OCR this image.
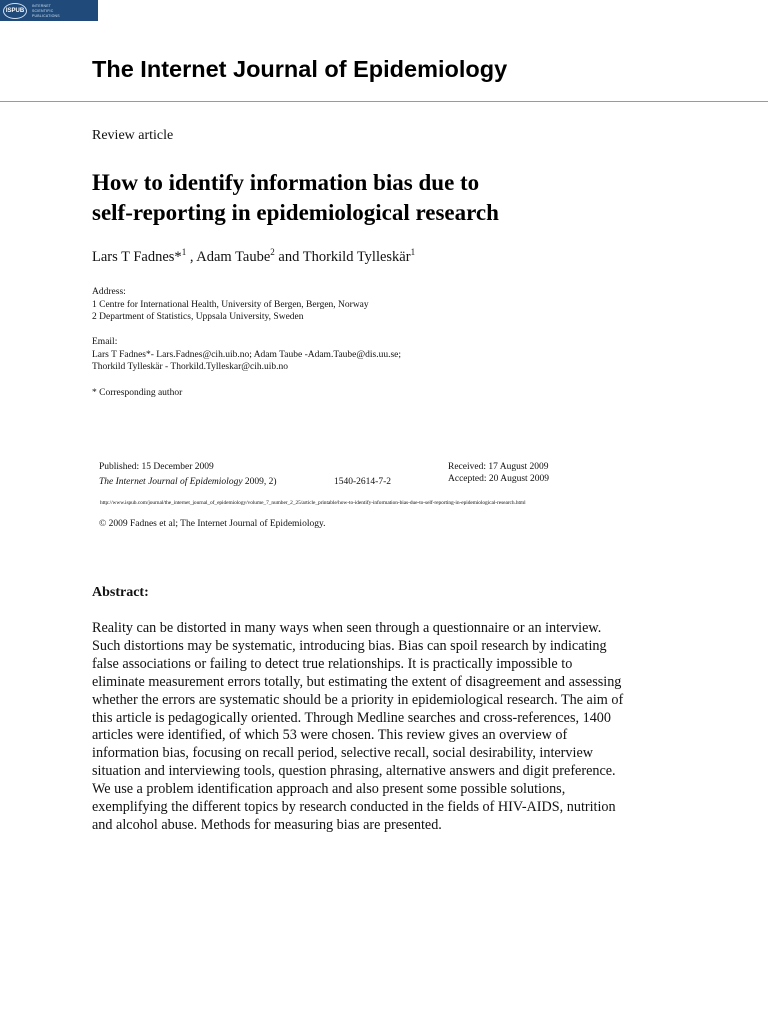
ISPUB
INTERNET
SCIENTIFIC
PUBLICATIONS
The Internet Journal of Epidemiology
Review article
How to identify information bias due to
self-reporting in epidemiological research
Lars T Fadnes*$^1$ , Adam Taube$^2$ and Thorkild Tylleskär$^1$
Address:
1 Centre for International Health, University of Bergen, Bergen, Norway
2 Department of Statistics, Uppsala University, Sweden
Email:
Lars T Fadnes*- Lars.Fadnes@cih.uib.no; Adam Taube -Adam.Taube@dis.uu.se;
Thorkild Tylleskär - Thorkild.Tylleskar@cih.uib.no
* Corresponding author
Published: 15 December 2009
The Internet Journal of Epidemiology 2009, 2)	1540-2614-7-2
Received: 17 August 2009
Accepted: 20 August 2009
http://www.ispub.com/journal/the_internet_journal_of_epidemiology/volume_7_number_2_25/article_printable/how-to-identify-information-bias-due-to-self-reporting-in-epidemiological-research.html
© 2009 Fadnes et al; The Internet Journal of Epidemiology.
Abstract:
Reality can be distorted in many ways when seen through a questionnaire or an interview.
Such distortions may be systematic, introducing bias. Bias can spoil research by indicating
false associations or failing to detect true relationships. It is practically impossible to
eliminate measurement errors totally, but estimating the extent of disagreement and assessing
whether the errors are systematic should be a priority in epidemiological research. The aim of
this article is pedagogically oriented. Through Medline searches and cross-references, 1400
articles were identified, of which 53 were chosen. This review gives an overview of
information bias, focusing on recall period, selective recall, social desirability, interview
situation and interviewing tools, question phrasing, alternative answers and digit preference.
We use a problem identification approach and also present some possible solutions,
exemplifying the different topics by research conducted in the fields of HIV-AIDS, nutrition
and alcohol abuse. Methods for measuring bias are presented.
